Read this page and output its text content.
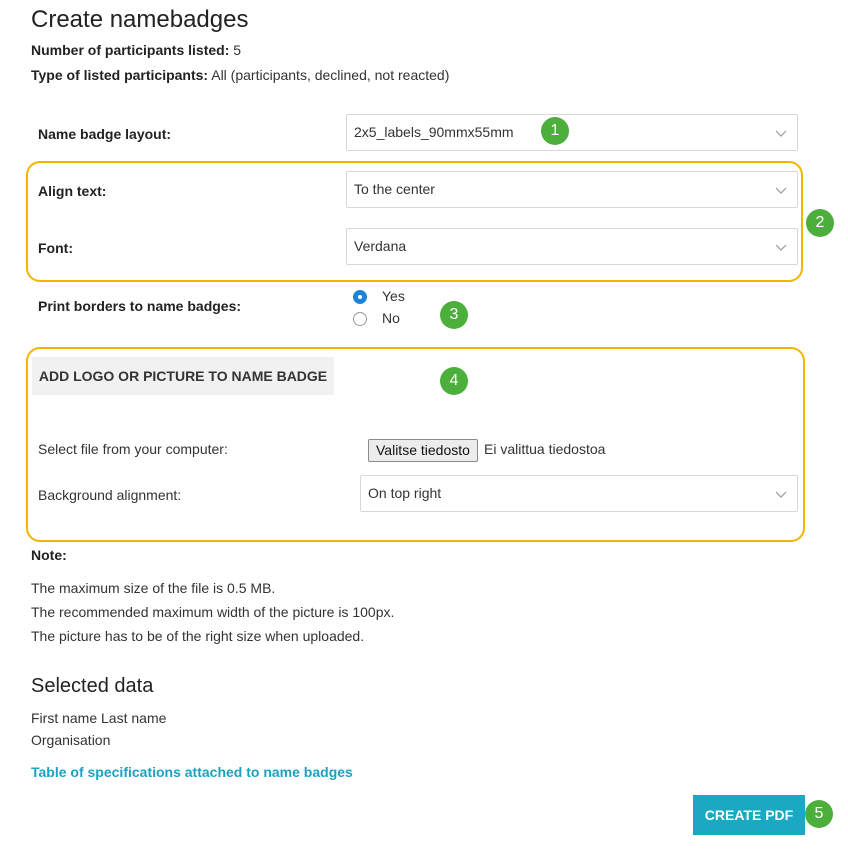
Create namebadges
Number of participants listed: 5
Type of listed participants: All (participants, declined, not reacted)
Name badge layout:	2x5_labels_90mmx55mm	1
Align text:	To the center
Font:	Verdana
2
Print borders to name badges:
Yes
No	3
ADD LOGO OR PICTURE TO NAME BADGE	4
Select file from your computer:	Valitse tiedosto	Ei valittua tiedostoa
Background alignment:	On top right
Note:
The maximum size of the file is 0.5 MB.
The recommended maximum width of the picture is 100px.
The picture has to be of the right size when uploaded.
Selected data
First name Last name
Organisation
Table of specifications attached to name badges
CREATE PDF	5
